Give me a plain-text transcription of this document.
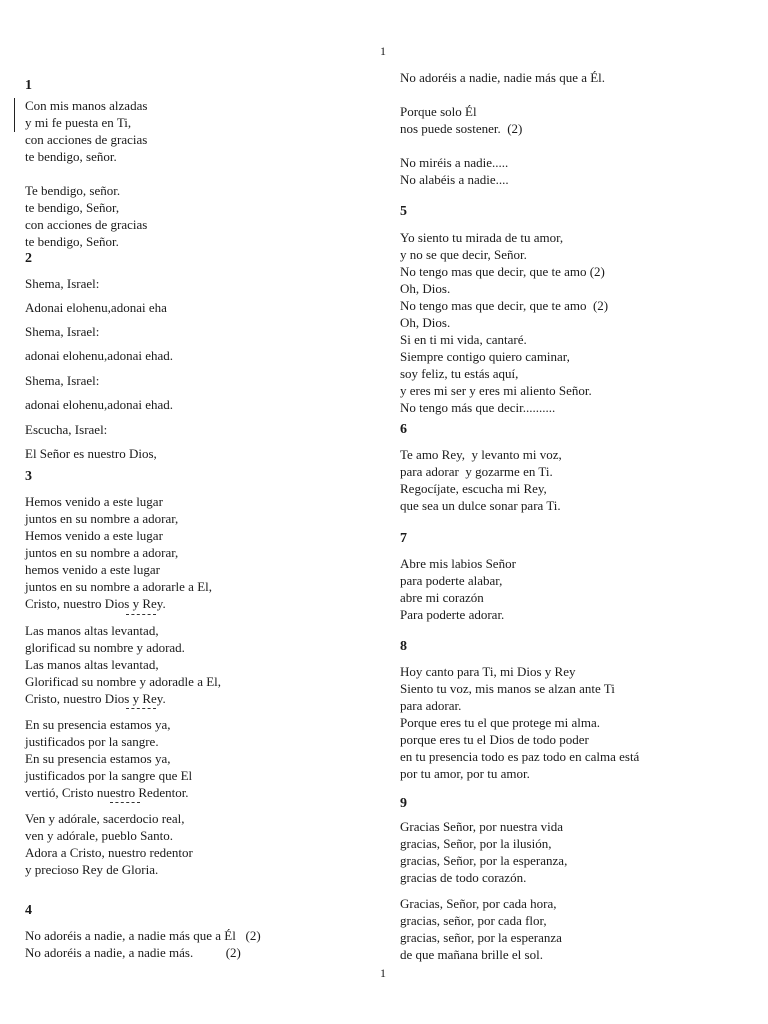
1
1
Con mis manos alzadas
y mi fe puesta en Ti,
con acciones de gracias
te bendigo, señor.
Te bendigo, señor.
te bendigo, Señor,
con acciones de gracias
te bendigo, Señor.
2
Shema, Israel:
Adonai elohenu,adonai eha
Shema, Israel:
adonai elohenu,adonai ehad.
Shema, Israel:
adonai elohenu,adonai ehad.
Escucha, Israel:
El Señor es nuestro Dios,
3
Hemos venido a este lugar
juntos en su nombre a adorar,
Hemos venido a este lugar
juntos en su nombre a adorar,
hemos venido a este lugar
juntos en su nombre a adorarle a El,
Cristo, nuestro Dios y Rey.
Las manos altas levantad,
glorificad su nombre y adorad.
Las manos altas levantad,
Glorificad su nombre y adoradle a El,
Cristo, nuestro Dios y Rey.
En su presencia estamos ya,
justificados por la sangre.
En su presencia estamos ya,
justificados por la sangre que El
vertió, Cristo nuestro Redentor.
Ven y adórale, sacerdocio real,
ven y adórale, pueblo Santo.
Adora a Cristo, nuestro redentor
y precioso Rey de Gloria.
4
No adoréis a nadie, a nadie más que a Él   (2)
No adoréis a nadie, a nadie más.          (2)
No adoréis a nadie, nadie más que a Él.
Porque solo Él
nos puede sostener.  (2)
No miréis a nadie.....
No alabéis a nadie....
5
Yo siento tu mirada de tu amor,
y no se que decir, Señor.
No tengo mas que decir, que te amo (2)
Oh, Dios.
No tengo mas que decir, que te amo  (2)
Oh, Dios.
Si en ti mi vida, cantaré.
Siempre contigo quiero caminar,
soy feliz, tu estás aquí,
y eres mi ser y eres mi aliento Señor.
No tengo más que decir..........
6
Te amo Rey,  y levanto mi voz,
para adorar  y gozarme en Ti.
Regocíjate, escucha mi Rey,
que sea un dulce sonar para Ti.
7
Abre mis labios Señor
para poderte alabar,
abre mi corazón
Para poderte adorar.
8
Hoy canto para Ti, mi Dios y Rey
Siento tu voz, mis manos se alzan ante Ti
para adorar.
Porque eres tu el que protege mi alma.
porque eres tu el Dios de todo poder
en tu presencia todo es paz todo en calma está
por tu amor, por tu amor.
9
Gracias Señor, por nuestra vida
gracias, Señor, por la ilusión,
gracias, Señor, por la esperanza,
gracias de todo corazón.
Gracias, Señor, por cada hora,
gracias, señor, por cada flor,
gracias, señor, por la esperanza
de que mañana brille el sol.
1
